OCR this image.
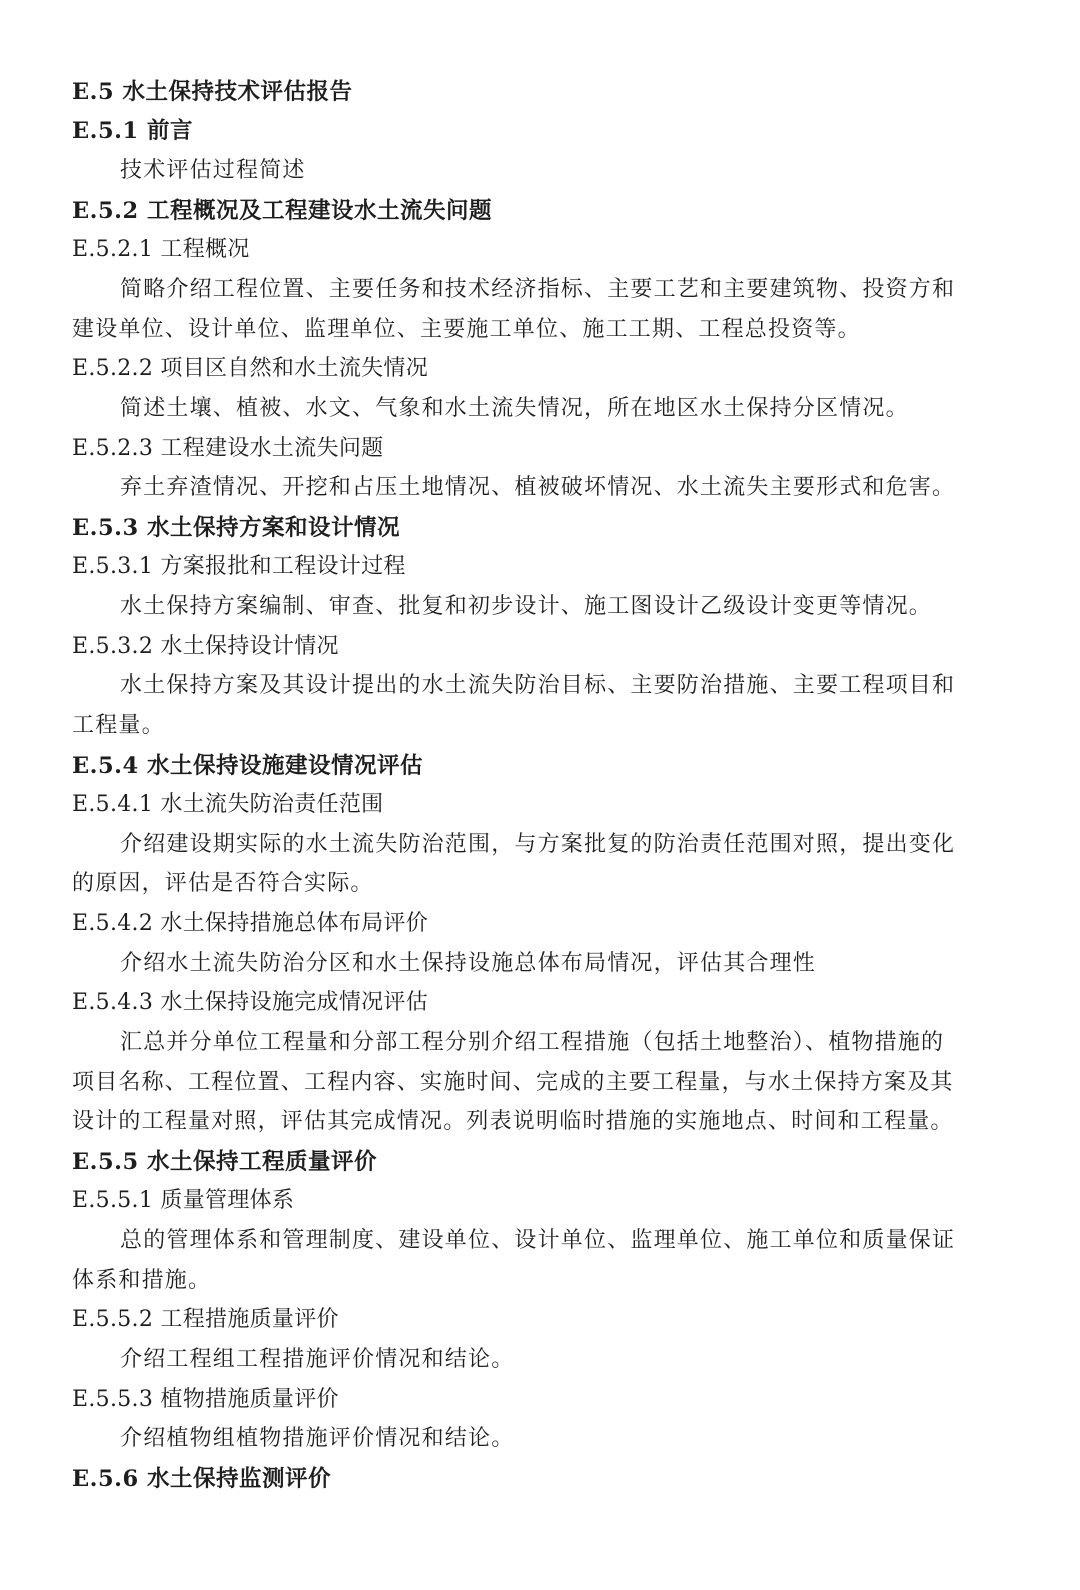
E.5 水土保持技术评估报告
E.5.1 前言
技术评估过程简述
E.5.2 工程概况及工程建设水土流失问题
E.5.2.1 工程概况
简略介绍工程位置、主要任务和技术经济指标、主要工艺和主要建筑物、投资方和
建设单位、设计单位、监理单位、主要施工单位、施工工期、工程总投资等。
E.5.2.2 项目区自然和水土流失情况
简述土壤、植被、水文、气象和水土流失情况，所在地区水土保持分区情况。
E.5.2.3 工程建设水土流失问题
弃土弃渣情况、开挖和占压土地情况、植被破坏情况、水土流失主要形式和危害。
E.5.3 水土保持方案和设计情况
E.5.3.1 方案报批和工程设计过程
水土保持方案编制、审查、批复和初步设计、施工图设计乙级设计变更等情况。
E.5.3.2 水土保持设计情况
水土保持方案及其设计提出的水土流失防治目标、主要防治措施、主要工程项目和
工程量。
E.5.4 水土保持设施建设情况评估
E.5.4.1 水土流失防治责任范围
介绍建设期实际的水土流失防治范围，与方案批复的防治责任范围对照，提出变化
的原因，评估是否符合实际。
E.5.4.2 水土保持措施总体布局评价
介绍水土流失防治分区和水土保持设施总体布局情况，评估其合理性
E.5.4.3 水土保持设施完成情况评估
汇总并分单位工程量和分部工程分别介绍工程措施（包括土地整治）、植物措施的
项目名称、工程位置、工程内容、实施时间、完成的主要工程量，与水土保持方案及其
设计的工程量对照，评估其完成情况。列表说明临时措施的实施地点、时间和工程量。
E.5.5 水土保持工程质量评价
E.5.5.1 质量管理体系
总的管理体系和管理制度、建设单位、设计单位、监理单位、施工单位和质量保证
体系和措施。
E.5.5.2 工程措施质量评价
介绍工程组工程措施评价情况和结论。
E.5.5.3 植物措施质量评价
介绍植物组植物措施评价情况和结论。
E.5.6 水土保持监测评价
